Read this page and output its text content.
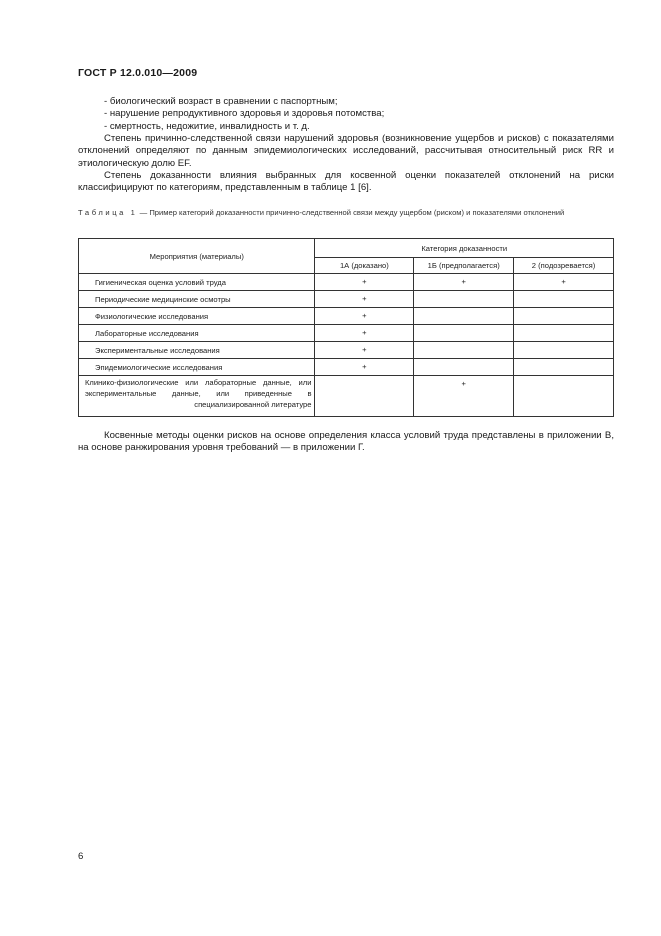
ГОСТ Р 12.0.010—2009
- биологический возраст в сравнении с паспортным;
- нарушение репродуктивного здоровья и здоровья потомства;
- смертность, недожитие, инвалидность и т. д.
Степень причинно-следственной связи нарушений здоровья (возникновение ущербов и рисков) с показателями отклонений определяют по данным эпидемиологических исследований, рассчитывая относительный риск RR и этиологическую долю EF.
Степень доказанности влияния выбранных для косвенной оценки показателей отклонений на риски классифицируют по категориям, представленным в таблице 1 [6].
Таблица 1 — Пример категорий доказанности причинно-следственной связи между ущербом (риском) и показателями отклонений
Мероприятия (материалы)	Категория доказанности		
	1А (доказано)	1Б (предполагается)	2 (подозревается)
Гигиеническая оценка условий труда	+	+	+
Периодические медицинские осмотры	+		
Физиологические исследования	+		
Лабораторные исследования	+		
Экспериментальные исследования	+		
Эпидемиологические исследования	+		
Клинико-физиологические или лабораторные данные, или экспериментальные данные, или приведенные в специализированной литературе		+	
Косвенные методы оценки рисков на основе определения класса условий труда представлены в приложении В, на основе ранжирования уровня требований — в приложении Г.
6
